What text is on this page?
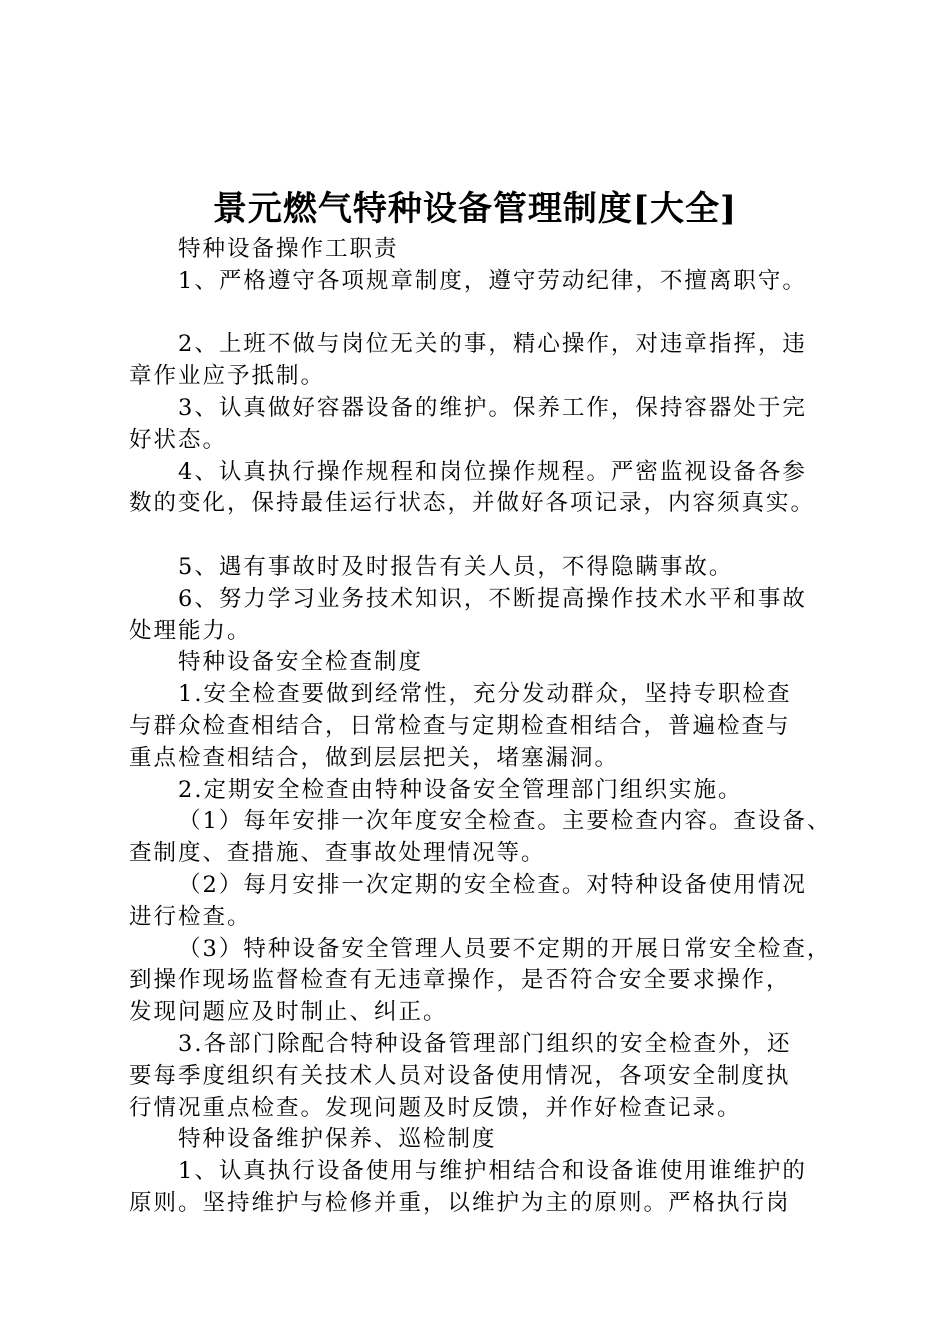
景元燃气特种设备管理制度[大全]
特种设备操作工职责
1、严格遵守各项规章制度，遵守劳动纪律，不擅离职守。
2、上班不做与岗位无关的事，精心操作，对违章指挥，违
章作业应予抵制。
3、认真做好容器设备的维护。保养工作，保持容器处于完
好状态。
4、认真执行操作规程和岗位操作规程。严密监视设备各参
数的变化，保持最佳运行状态，并做好各项记录，内容须真实。
5、遇有事故时及时报告有关人员，不得隐瞒事故。
6、努力学习业务技术知识，不断提高操作技术水平和事故
处理能力。
特种设备安全检查制度
1.安全检查要做到经常性，充分发动群众，坚持专职检查
与群众检查相结合，日常检查与定期检查相结合，普遍检查与
重点检查相结合，做到层层把关，堵塞漏洞。
2.定期安全检查由特种设备安全管理部门组织实施。
（1）每年安排一次年度安全检查。主要检查内容。查设备、
查制度、查措施、查事故处理情况等。
（2）每月安排一次定期的安全检查。对特种设备使用情况
进行检查。
（3）特种设备安全管理人员要不定期的开展日常安全检查，
到操作现场监督检查有无违章操作，是否符合安全要求操作，
发现问题应及时制止、纠正。
3.各部门除配合特种设备管理部门组织的安全检查外，还
要每季度组织有关技术人员对设备使用情况，各项安全制度执
行情况重点检查。发现问题及时反馈，并作好检查记录。
特种设备维护保养、巡检制度
1、认真执行设备使用与维护相结合和设备谁使用谁维护的
原则。坚持维护与检修并重，以维护为主的原则。严格执行岗
